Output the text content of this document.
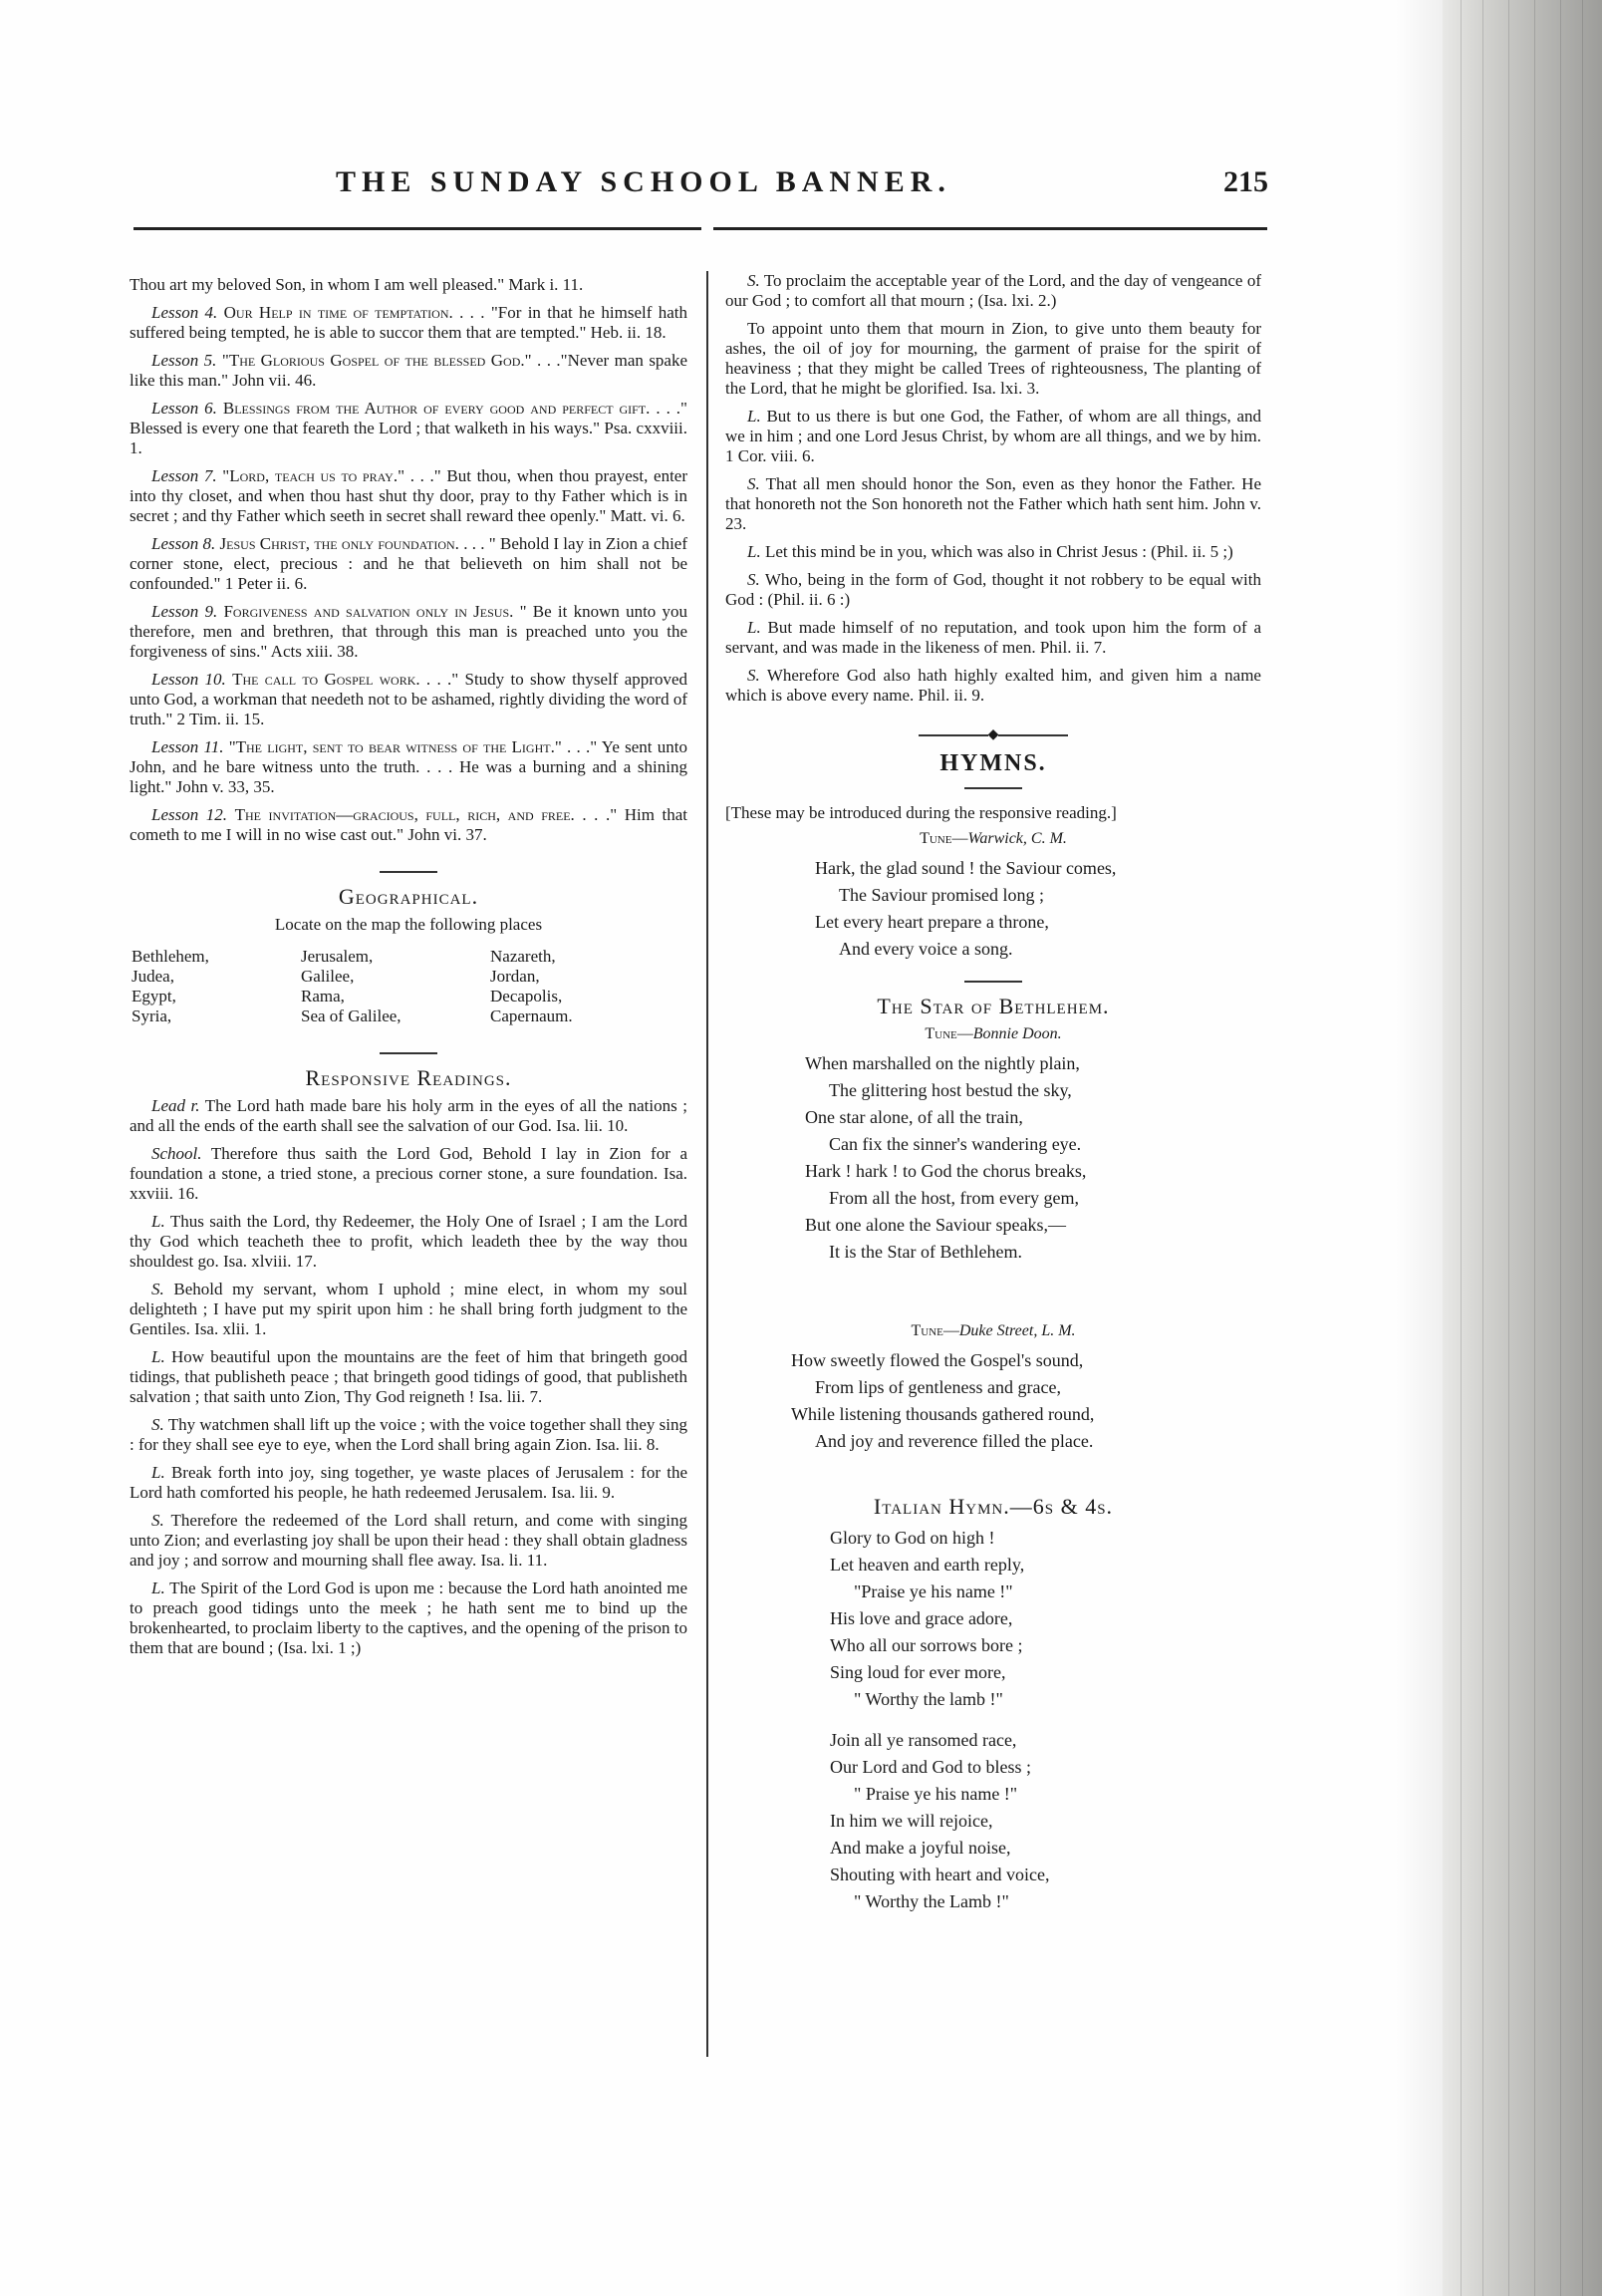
THE SUNDAY SCHOOL BANNER.	215

Thou art my beloved Son, in whom I am well pleased." Mark i. 11.

Lesson 4. Our Help in time of temptation. . . . "For in that he himself hath suffered being tempted, he is able to succor them that are tempted." Heb. ii. 18.

Lesson 5. "The Glorious Gospel of the blessed God." . . ."Never man spake like this man." John vii. 46.

Lesson 6. Blessings from the Author of every good and perfect gift. . . ." Blessed is every one that feareth the Lord ; that walketh in his ways." Psa. cxxviii. 1.

Lesson 7. "Lord, teach us to pray." . . ." But thou, when thou prayest, enter into thy closet, and when thou hast shut thy door, pray to thy Father which is in secret ; and thy Father which seeth in secret shall reward thee openly." Matt. vi. 6.

Lesson 8. Jesus Christ, the only foundation. . . . " Behold I lay in Zion a chief corner stone, elect, precious : and he that believeth on him shall not be confounded." 1 Peter ii. 6.

Lesson 9. Forgiveness and salvation only in Jesus. " Be it known unto you therefore, men and brethren, that through this man is preached unto you the forgiveness of sins." Acts xiii. 38.

Lesson 10. The call to Gospel work. . . ." Study to show thyself approved unto God, a workman that needeth not to be ashamed, rightly dividing the word of truth." 2 Tim. ii. 15.

Lesson 11. "The light, sent to bear witness of the Light." . . ." Ye sent unto John, and he bare witness unto the truth. . . . He was a burning and a shining light." John v. 33, 35.

Lesson 12. The invitation—gracious, full, rich, and free. . . ." Him that cometh to me I will in no wise cast out." John vi. 37.

Geographical.
Locate on the map the following places
Bethlehem,	Jerusalem,	Nazareth,
Judea,	Galilee,	Jordan,
Egypt,	Rama,	Decapolis,
Syria,	Sea of Galilee,	Capernaum.
Responsive Readings.

Lead r. The Lord hath made bare his holy arm in the eyes of all the nations ; and all the ends of the earth shall see the salvation of our God. Isa. lii. 10.

School. Therefore thus saith the Lord God, Behold I lay in Zion for a foundation a stone, a tried stone, a precious corner stone, a sure foundation. Isa. xxviii. 16.

L. Thus saith the Lord, thy Redeemer, the Holy One of Israel ; I am the Lord thy God which teacheth thee to profit, which leadeth thee by the way thou shouldest go. Isa. xlviii. 17.

S. Behold my servant, whom I uphold ; mine elect, in whom my soul delighteth ; I have put my spirit upon him : he shall bring forth judgment to the Gentiles. Isa. xlii. 1.

L. How beautiful upon the mountains are the feet of him that bringeth good tidings, that publisheth peace ; that bringeth good tidings of good, that publisheth salvation ; that saith unto Zion, Thy God reigneth ! Isa. lii. 7.

S. Thy watchmen shall lift up the voice ; with the voice together shall they sing : for they shall see eye to eye, when the Lord shall bring again Zion. Isa. lii. 8.

L. Break forth into joy, sing together, ye waste places of Jerusalem : for the Lord hath comforted his people, he hath redeemed Jerusalem. Isa. lii. 9.

S. Therefore the redeemed of the Lord shall return, and come with singing unto Zion; and everlasting joy shall be upon their head : they shall obtain gladness and joy ; and sorrow and mourning shall flee away. Isa. li. 11.

L. The Spirit of the Lord God is upon me : because the Lord hath anointed me to preach good tidings unto the meek ; he hath sent me to bind up the brokenhearted, to proclaim liberty to the captives, and the opening of the prison to them that are bound ; (Isa. lxi. 1 ;)

S. To proclaim the acceptable year of the Lord, and the day of vengeance of our God ; to comfort all that mourn ; (Isa. lxi. 2.)

To appoint unto them that mourn in Zion, to give unto them beauty for ashes, the oil of joy for mourning, the garment of praise for the spirit of heaviness ; that they might be called Trees of righteousness, The planting of the Lord, that he might be glorified. Isa. lxi. 3.

L. But to us there is but one God, the Father, of whom are all things, and we in him ; and one Lord Jesus Christ, by whom are all things, and we by him. 1 Cor. viii. 6.

S. That all men should honor the Son, even as they honor the Father. He that honoreth not the Son honoreth not the Father which hath sent him. John v. 23.

L. Let this mind be in you, which was also in Christ Jesus : (Phil. ii. 5 ;)

S. Who, being in the form of God, thought it not robbery to be equal with God : (Phil. ii. 6 :)

L. But made himself of no reputation, and took upon him the form of a servant, and was made in the likeness of men. Phil. ii. 7.

S. Wherefore God also hath highly exalted him, and given him a name which is above every name. Phil. ii. 9.

◆
HYMNS.
[These may be introduced during the responsive reading.]
Tune—Warwick, C. M.
Hark, the glad sound ! the Saviour comes,
The Saviour promised long ;
Let every heart prepare a throne,
And every voice a song.
The Star of Bethlehem.
Tune—Bonnie Doon.
When marshalled on the nightly plain,
The glittering host bestud the sky,
One star alone, of all the train,
Can fix the sinner's wandering eye.
Hark ! hark ! to God the chorus breaks,
From all the host, from every gem,
But one alone the Saviour speaks,—
It is the Star of Bethlehem.
Tune—Duke Street, L. M.
How sweetly flowed the Gospel's sound,
From lips of gentleness and grace,
While listening thousands gathered round,
And joy and reverence filled the place.
Italian Hymn.—6s & 4s.
Glory to God on high !
Let heaven and earth reply,
"Praise ye his name !"
His love and grace adore,
Who all our sorrows bore ;
Sing loud for ever more,
" Worthy the lamb !"
Join all ye ransomed race,
Our Lord and God to bless ;
" Praise ye his name !"
In him we will rejoice,
And make a joyful noise,
Shouting with heart and voice,
" Worthy the Lamb !"
